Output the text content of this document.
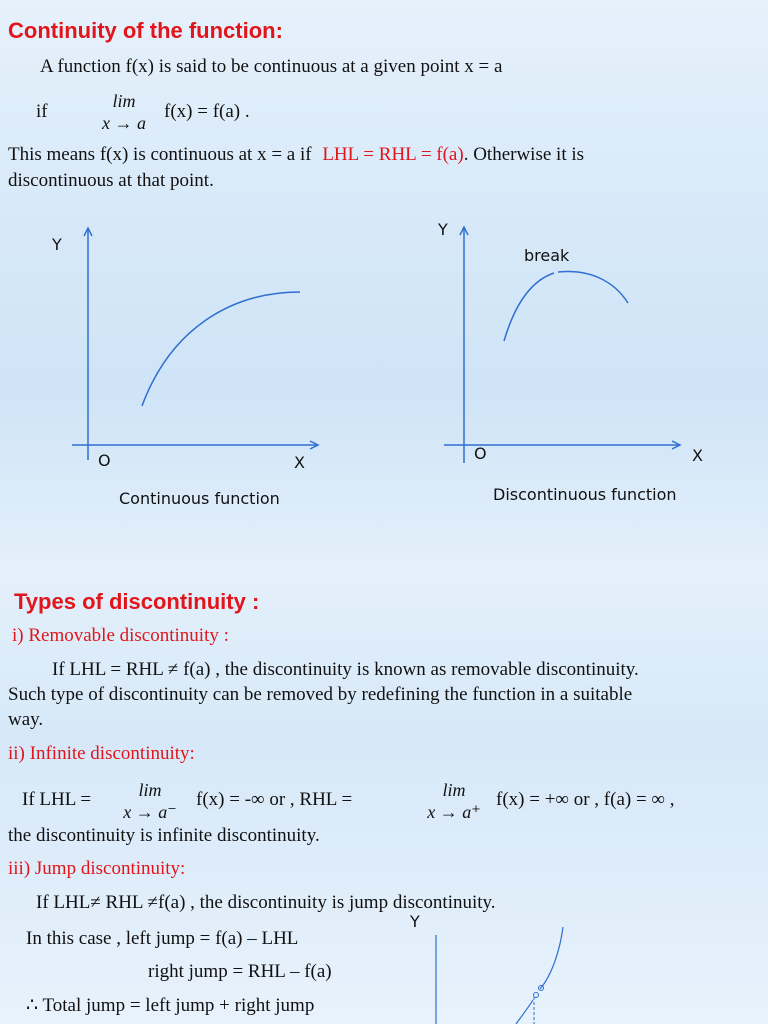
Continuity of the function:
A function f(x) is said to be continuous at a given point x = a
if	lim
x → a
f(x) = f(a) .
This means f(x) is continuous at x = a if LHL = RHL = f(a). Otherwise it is
discontinuous at that point.
Y
O	X
Continuous function
Y
O	X
break
Discontinuous function
Types of discontinuity :
i) Removable discontinuity :
If LHL = RHL ≠ f(a) , the discontinuity is known as removable discontinuity.
Such type of discontinuity can be removed by redefining the function in a suitable
way.
ii) Infinite discontinuity:
If LHL =	lim
x → a⁻
f(x) = -∞ or , RHL =	lim
x → a⁺
f(x) = +∞ or , f(a) = ∞ ,
the discontinuity is infinite discontinuity.
iii) Jump discontinuity:
If LHL≠ RHL ≠f(a) , the discontinuity is jump discontinuity.
In this case , left jump = f(a) – LHL
right jump = RHL – f(a)
∴ Total jump = left jump + right jump
Y
